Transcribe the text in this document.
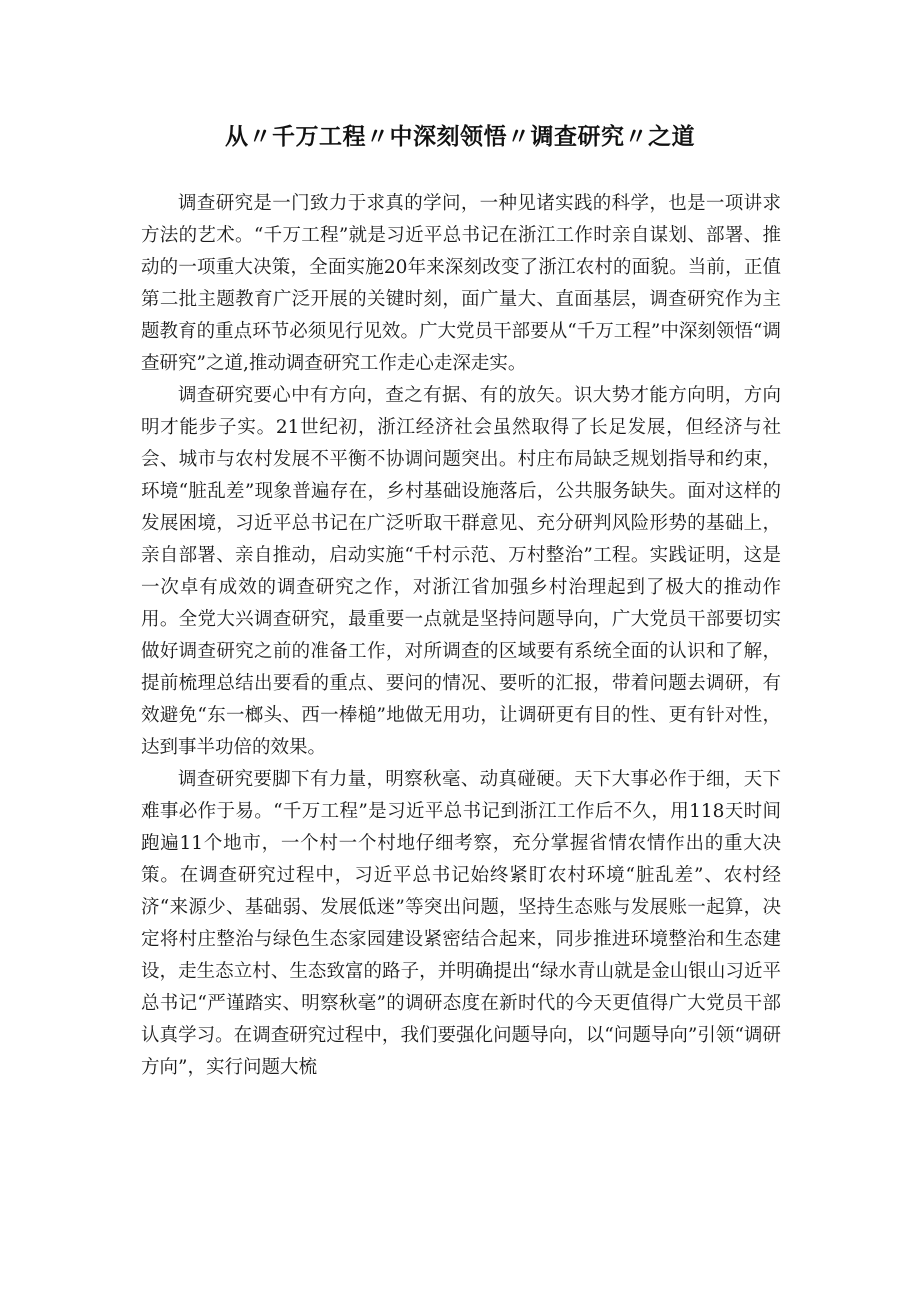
从〃千万工程〃中深刻领悟〃调查研究〃之道

调查研究是一门致力于求真的学问，一种见诸实践的科学，也是一项讲求方法的艺术。“千万工程”就是习近平总书记在浙江工作时亲自谋划、部署、推动的一项重大决策，全面实施20年来深刻改变了浙江农村的面貌。当前，正值第二批主题教育广泛开展的关键时刻，面广量大、直面基层，调查研究作为主题教育的重点环节必须见行见效。广大党员干部要从“千万工程”中深刻领悟“调查研究”之道,推动调查研究工作走心走深走实。

调查研究要心中有方向，查之有据、有的放矢。识大势才能方向明，方向明才能步子实。21世纪初，浙江经济社会虽然取得了长足发展，但经济与社会、城市与农村发展不平衡不协调问题突出。村庄布局缺乏规划指导和约束，环境“脏乱差”现象普遍存在，乡村基础设施落后，公共服务缺失。面对这样的发展困境，习近平总书记在广泛听取干群意见、充分研判风险形势的基础上，亲自部署、亲自推动，启动实施“千村示范、万村整治”工程。实践证明，这是一次卓有成效的调查研究之作，对浙江省加强乡村治理起到了极大的推动作用。全党大兴调查研究，最重要一点就是坚持问题导向，广大党员干部要切实做好调查研究之前的准备工作，对所调查的区域要有系统全面的认识和了解，提前梳理总结出要看的重点、要问的情况、要听的汇报，带着问题去调研，有效避免“东一榔头、西一棒槌”地做无用功，让调研更有目的性、更有针对性，达到事半功倍的效果。

调查研究要脚下有力量，明察秋毫、动真碰硬。天下大事必作于细，天下难事必作于易。“千万工程”是习近平总书记到浙江工作后不久，用118天时间跑遍11个地市，一个村一个村地仔细考察，充分掌握省情农情作出的重大决策。在调查研究过程中，习近平总书记始终紧盯农村环境“脏乱差”、农村经济“来源少、基础弱、发展低迷”等突出问题，坚持生态账与发展账一起算，决定将村庄整治与绿色生态家园建设紧密结合起来，同步推进环境整治和生态建设，走生态立村、生态致富的路子，并明确提出“绿水青山就是金山银山习近平总书记“严谨踏实、明察秋毫”的调研态度在新时代的今天更值得广大党员干部认真学习。在调查研究过程中，我们要强化问题导向，以“问题导向”引领“调研方向”，实行问题大梳
